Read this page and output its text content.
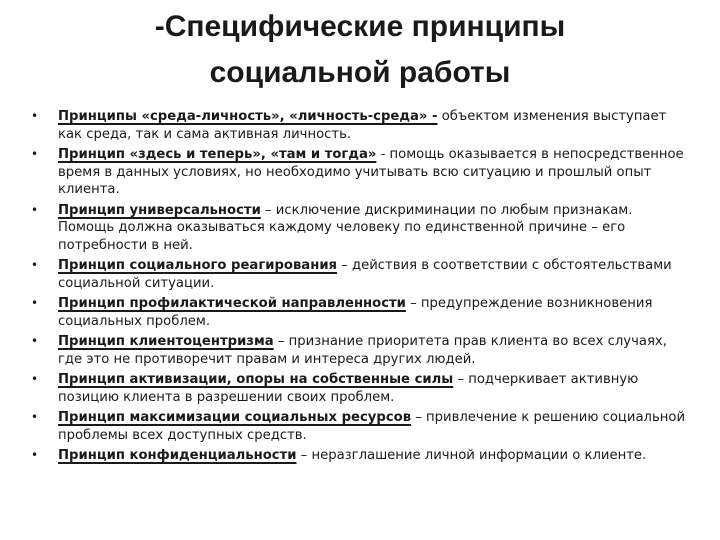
-Специфические принципы
социальной работы
• Принципы «среда-личность», «личность-среда» - объектом изменения выступает как среда, так и сама активная личность.
• Принцип «здесь и теперь», «там и тогда» - помощь оказывается в непосредственное время в данных условиях, но необходимо учитывать всю ситуацию и прошлый опыт клиента.
• Принцип универсальности – исключение дискриминации по любым признакам. Помощь должна оказываться каждому человеку по единственной причине – его потребности в ней.
• Принцип социального реагирования – действия в соответствии с обстоятельствами социальной ситуации.
• Принцип профилактической направленности – предупреждение возникновения социальных проблем.
• Принцип клиентоцентризма – признание приоритета прав клиента во всех случаях, где это не противоречит правам и интереса других людей.
• Принцип активизации, опоры на собственные силы – подчеркивает активную позицию клиента в разрешении своих проблем.
• Принцип максимизации социальных ресурсов – привлечение к решению социальной проблемы всех доступных средств.
• Принцип конфиденциальности – неразглашение личной информации о клиенте.
